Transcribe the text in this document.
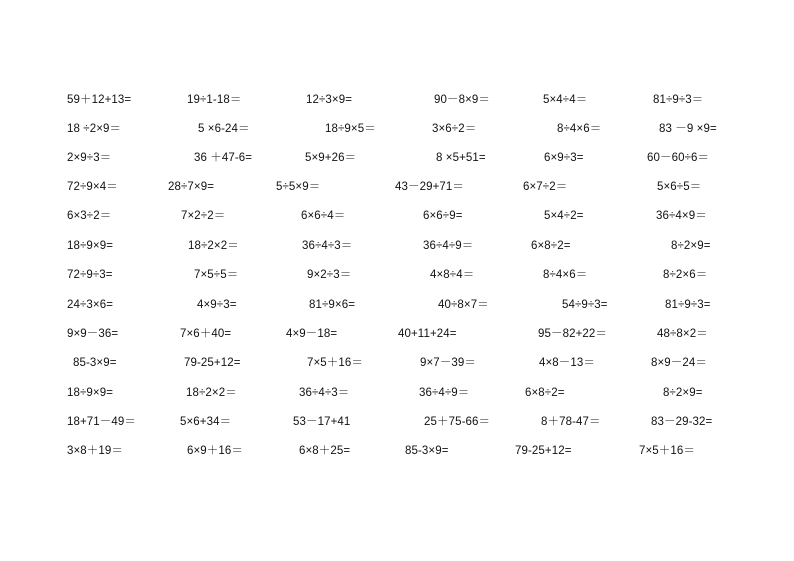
59＋12+13=	19÷1-18＝	12÷3×9=	90－8×9＝	5×4÷4＝	81÷9÷3＝
18 ÷2×9＝	5 ×6-24＝	18÷9×5＝	3×6÷2＝	8÷4×6＝	83 －9 ×9=
2×9÷3＝	36 ＋47-6=	5×9+26＝	8 ×5+51=	6×9÷3=	60－60÷6＝
72÷9×4＝	28÷7×9=	5÷5×9＝	43－29+71＝	6×7÷2＝	5×6÷5＝
6×3÷2＝	7×2÷2＝	6×6÷4＝	6×6÷9=	5×4÷2=	36÷4×9＝
18÷9×9=	18÷2×2＝	36÷4÷3＝	36÷4÷9＝	6×8÷2=	8÷2×9=
72÷9÷3=	7×5÷5＝	9×2÷3＝	4×8÷4＝	8÷4×6＝	8÷2×6＝
24÷3×6=	4×9÷3=	81÷9×6=	40÷8×7＝	54÷9÷3=	81÷9÷3=
9×9－36=	7×6＋40=	4×9－18=	40+11+24=	95－82+22＝	48÷8×2＝
85-3×9=	79-25+12=	7×5＋16＝	9×7－39＝	4×8－13＝	8×9－24＝
18÷9×9=	18÷2×2＝	36÷4÷3＝	36÷4÷9＝	6×8÷2=	8÷2×9=
18+71－49＝	5×6+34＝	53－17+41	25＋75-66＝	8＋78-47＝	83－29-32=
3×8＋19＝	6×9＋16＝	6×8＋25=	85-3×9=	79-25+12=	7×5＋16＝
